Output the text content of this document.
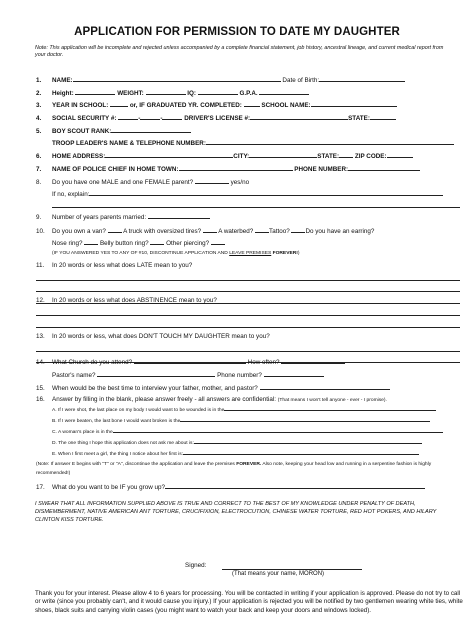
APPLICATION FOR PERMISSION TO DATE MY DAUGHTER
Note: This application will be incomplete and rejected unless accompanied by a complete financial statement, job history, ancestral lineage, and current medical report from your doctor.
1. NAME:	Date of Birth:
2. Height:	WEIGHT:	IQ:	G.P.A.
3. YEAR IN SCHOOL:	or, IF GRADUATED YR. COMPLETED:	SCHOOL NAME:
4. SOCIAL SECURITY #:	-	-	DRIVER'S LICENSE #:	STATE:
5. BOY SCOUT RANK:
TROOP LEADER'S NAME & TELEPHONE NUMBER:
6. HOME ADDRESS:	CITY:	STATE:	ZIP CODE:
7. NAME OF POLICE CHIEF IN HOME TOWN:	PHONE NUMBER:
8. Do you have one MALE and one FEMALE parent?	yes/no
If no, explain:
9. Number of years parents married:
10. Do you own a van?	A truck with oversized tires?	A waterbed?	Tattoo?	Do you have an earring?
Nose ring?	Belly button ring?	Other piercing?
(IF YOU ANSWERED YES TO ANY OF #10, DISCONTINUE APPLICATION AND LEAVE PREMISES FOREVER!)
11. In 20 words or less what does LATE mean to you?
12. In 20 words or less what does ABSTINENCE mean to you?
13. In 20 words or less, what does DON'T TOUCH MY DAUGHTER mean to you?
14. What Church do you attend?	How often?
Pastor's name?	Phone number?
15. When would be the best time to interview your father, mother, and pastor?
16. Answer by filling in the blank, please answer freely - all answers are confidential: (That means I won't tell anyone - ever - I promise).
A. If I were shot, the last place on my body I would want to be wounded is in the
B. If I were beaten, the last bone I would want broken is the
C. A woman's place is in the
D. The one thing I hope this application does not ask me about is:
E. When I first meet a girl, the thing I notice about her first is:
(Note: If answer E begins with "T" or "A", discontinue the application and leave the premises FOREVER. Also note, keeping your head low and running in a serpentine fashion is highly recommended!)
17. What do you want to be IF you grow up?
I SWEAR THAT ALL INFORMATION SUPPLIED ABOVE IS TRUE AND CORRECT TO THE BEST OF MY KNOWLEDGE UNDER PENALTY OF DEATH, DISMEMBERMENT, NATIVE AMERICAN ANT TORTURE, CRUCIFIXION, ELECTROCUTION, CHINESE WATER TORTURE, RED HOT POKERS, AND HILARY CLINTON KISS TORTURE.
Signed:
(That means your name, MORON)
Thank you for your interest. Please allow 4 to 6 years for processing. You will be contacted in writing if your application is approved. Please do not try to call or write (since you probably can't, and it would cause you injury.) If your application is rejected you will be notified by two gentlemen wearing white ties, white shoes, black suits and carrying violin cases (you might want to watch your back and keep your doors and windows locked).
